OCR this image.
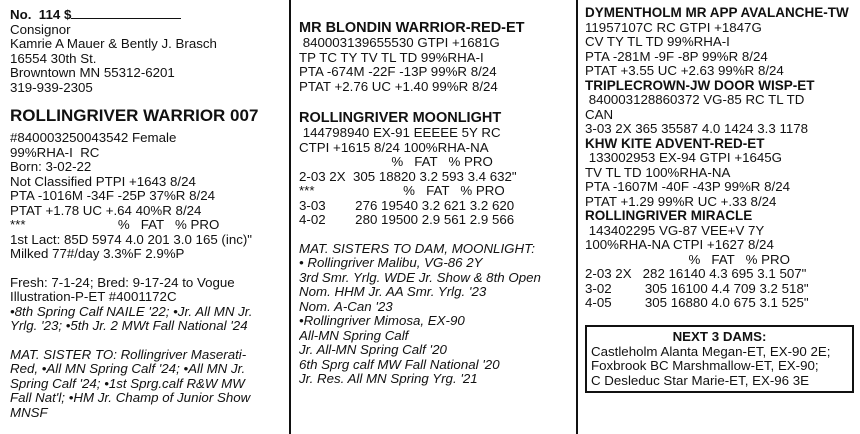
No.  114 $
Consignor
Kamrie A Mauer & Bently J. Brasch
16554 30th St.
Browntown MN 55312-6201
319-939-2305
ROLLINGRIVER WARRIOR 007
#840003250043542 Female
99%RHA-I  RC
Born: 3-02-22
Not Classified PTPI +1643 8/24
PTA -1016M -34F -25P 37%R 8/24
PTAT +1.78 UC +.64 40%R 8/24
***                         %   FAT   % PRO
1st Lact: 85D 5974 4.0 201 3.0 165 (inc)"
Milked 77#/day 3.3%F 2.9%P
Fresh: 7-1-24; Bred: 9-17-24 to Vogue
Illustration-P-ET #4001172C
•8th Spring Calf NAILE '22; •Jr. All MN Jr.
Yrlg. '23; •5th Jr. 2 MWt Fall National '24
MAT. SISTER TO: Rollingriver Maserati-
Red, •All MN Spring Calf '24; •All MN Jr.
Spring Calf '24; •1st Sprg.calf R&W MW
Fall Nat'l; •HM Jr. Champ of Junior Show
MNSF
MR BLONDIN WARRIOR-RED-ET
840003139655530 GTPI +1681G
TP TC TY TV TL TD 99%RHA-I
PTA -674M -22F -13P 99%R 8/24
PTAT +2.76 UC +1.40 99%R 8/24
ROLLINGRIVER MOONLIGHT
144798940 EX-91 EEEEE 5Y RC
CTPI +1615 8/24 100%RHA-NA
%   FAT   % PRO
2-03 2X  305 18820 3.2 593 3.4 632"
***                        %   FAT   % PRO
3-03        276 19540 3.2 621 3.2 620
4-02        280 19500 2.9 561 2.9 566
MAT. SISTERS TO DAM, MOONLIGHT:
• Rollingriver Malibu, VG-86 2Y
3rd Smr. Yrlg. WDE Jr. Show & 8th Open
Nom. HHM Jr. AA Smr. Yrlg. '23
Nom. A-Can '23
•Rollingriver Mimosa, EX-90
All-MN Spring Calf
Jr. All-MN Spring Calf '20
6th Sprg calf MW Fall National '20
Jr. Res. All MN Spring Yrg. '21
DYMENTHOLM MR APP AVALANCHE-TW
11957107C RC GTPI +1847G
CV TY TL TD 99%RHA-I
PTA -281M -9F -8P 99%R 8/24
PTAT +3.55 UC +2.63 99%R 8/24
TRIPLECROWN-JW DOOR WISP-ET
840003128860372 VG-85 RC TL TD
CAN
3-03 2X 365 35587 4.0 1424 3.3 1178
KHW KITE ADVENT-RED-ET
133002953 EX-94 GTPI +1645G
TV TL TD 100%RHA-NA
PTA -1607M -40F -43P 99%R 8/24
PTAT +1.29 99%R UC +.33 8/24
ROLLINGRIVER MIRACLE
143402295 VG-87 VEE+V 7Y
100%RHA-NA CTPI +1627 8/24
%   FAT   % PRO
2-03 2X   282 16140 4.3 695 3.1 507"
3-02         305 16100 4.4 709 3.2 518"
4-05         305 16880 4.0 675 3.1 525"
NEXT 3 DAMS:
Castleholm Alanta Megan-ET, EX-90 2E;
Foxbrook BC Marshmallow-ET, EX-90;
C Desleduc Star Marie-ET, EX-96 3E
